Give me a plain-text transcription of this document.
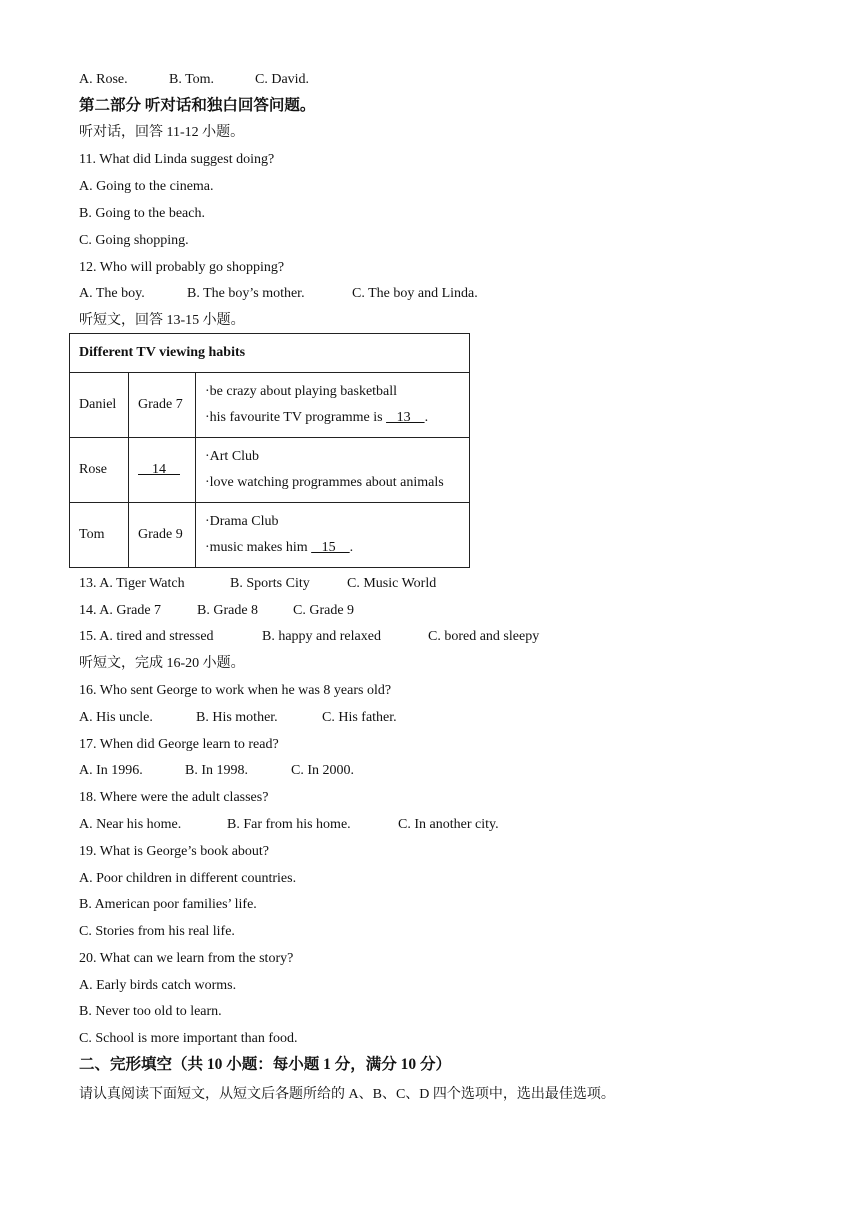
A. Rose.	B. Tom.	C. David.
第二部分 听对话和独白回答问题。
听对话，回答 11-12 小题。
11. What did Linda suggest doing?
A. Going to the cinema.
B. Going to the beach.
C. Going shopping.
12. Who will probably go shopping?
A. The boy.	B. The boy’s mother.	C. The boy and Linda.
听短文，回答 13-15 小题。
Different TV viewing habits		
Daniel	Grade 7	·be crazy about playing basketball
·his favourite TV programme is    13    .

Rose	14	·Art Club
·love watching programmes about animals

Tom	Grade 9	·Drama Club
·music makes him    15    .
13. A. Tiger Watch	B. Sports City	C. Music World
14. A. Grade 7	B. Grade 8 C. Grade 9
15. A. tired and stressed	B. happy and relaxed	C. bored and sleepy
听短文，完成 16-20 小题。
16. Who sent George to work when he was 8 years old?
A. His uncle.	B. His mother.	C. His father.
17. When did George learn to read?
A. In 1996.	B. In 1998.	C. In 2000.
18. Where were the adult classes?
A. Near his home.	B. Far from his home.	C. In another city.
19. What is George’s book about?
A. Poor children in different countries.
B. American poor families’ life.
C. Stories from his real life.
20. What can we learn from the story?
A. Early birds catch worms.
B. Never too old to learn.
C. School is more important than food.
二、完形填空（共 10 小题：每小题 1 分，满分 10 分）
请认真阅读下面短文，从短文后各题所给的 A、B、C、D 四个选项中，选出最佳选项。
